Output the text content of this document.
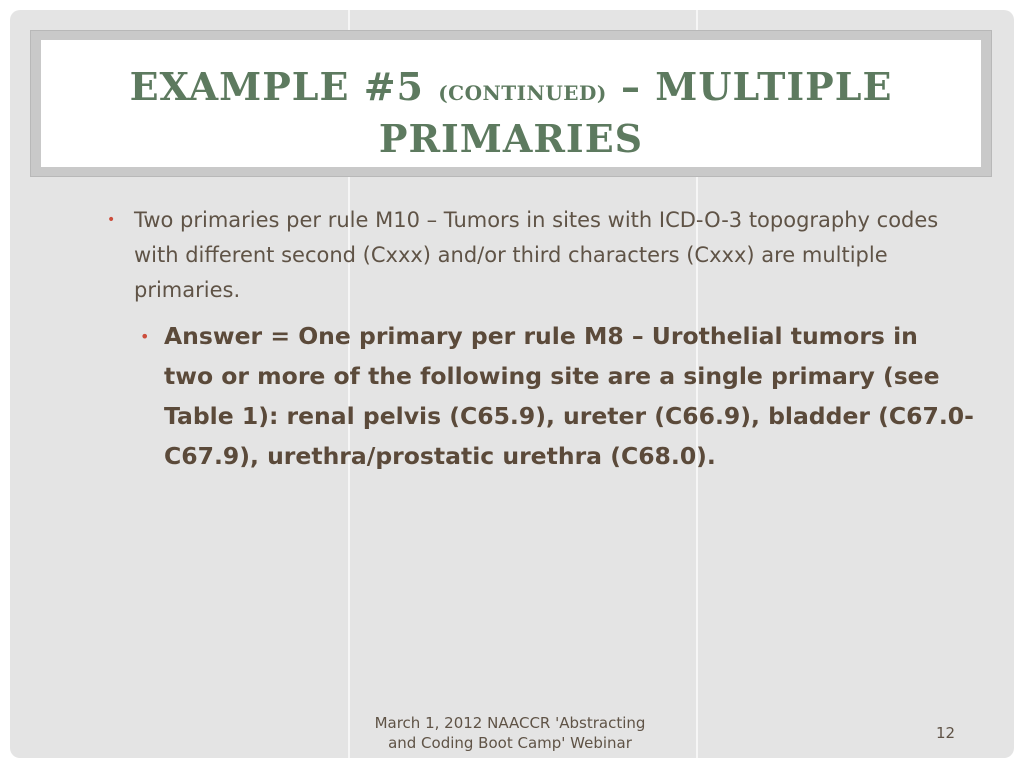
EXAMPLE #5 (CONTINUED) – MULTIPLE PRIMARIES
• Two primaries per rule M10 – Tumors in sites with ICD-O-3 topography codes with different second (Cxxx) and/or third characters (Cxxx) are multiple primaries.
• Answer = One primary per rule M8 – Urothelial tumors in two or more of the following site are a single primary (see Table 1): renal pelvis (C65.9), ureter (C66.9), bladder (C67.0-C67.9), urethra/prostatic urethra (C68.0).
March 1, 2012 NAACCR 'Abstracting
and Coding Boot Camp' Webinar
12
